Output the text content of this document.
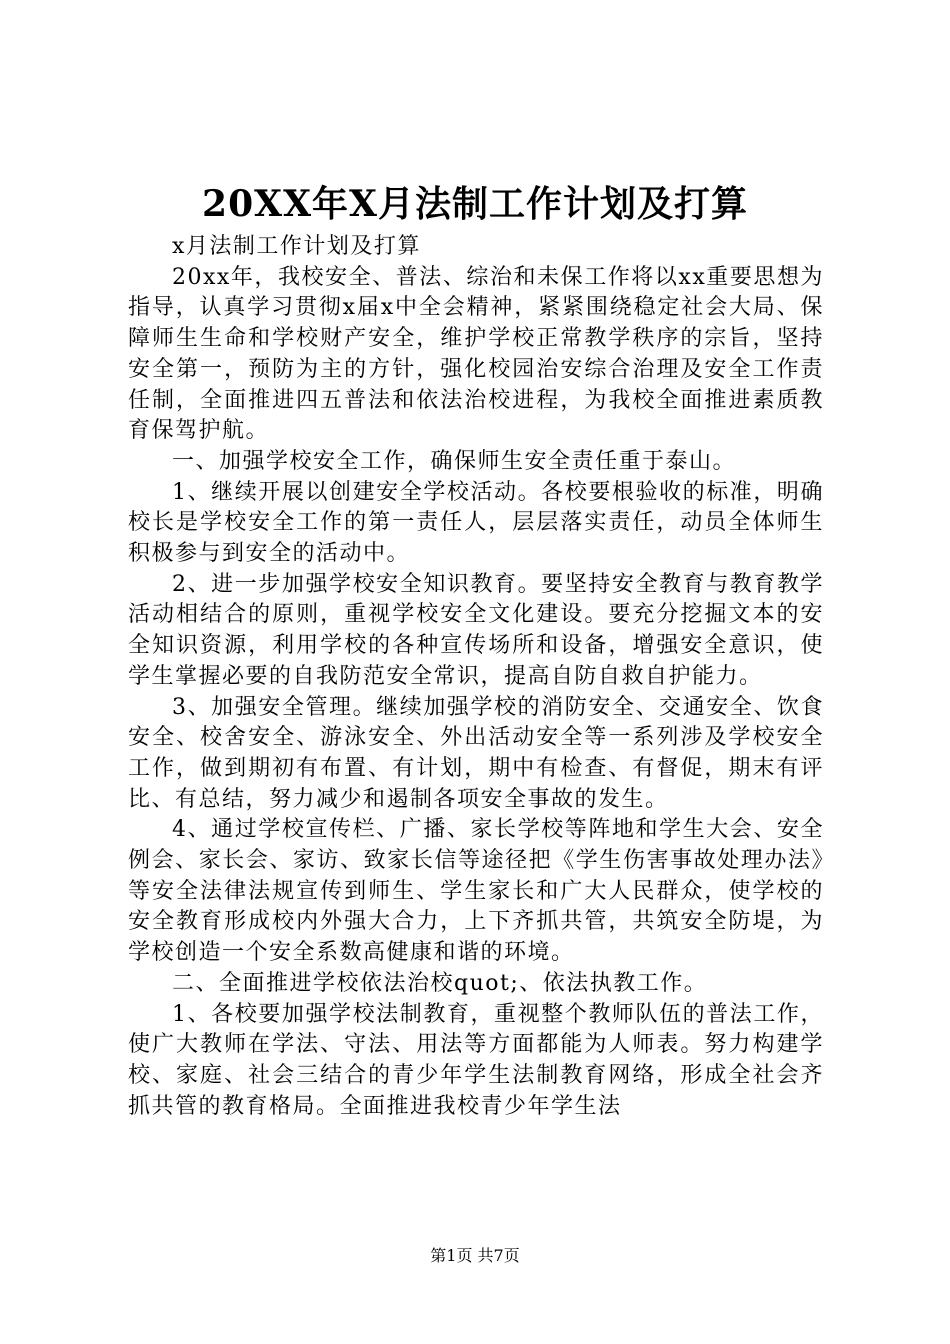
20XX年X月法制工作计划及打算

x月法制工作计划及打算

20xx年，我校安全、普法、综治和未保工作将以xx重要思想为指导，认真学习贯彻x届x中全会精神，紧紧围绕稳定社会大局、保障师生生命和学校财产安全，维护学校正常教学秩序的宗旨，坚持安全第一，预防为主的方针，强化校园治安综合治理及安全工作责任制，全面推进四五普法和依法治校进程，为我校全面推进素质教育保驾护航。

一、加强学校安全工作，确保师生安全责任重于泰山。

1、继续开展以创建安全学校活动。各校要根验收的标准，明确校长是学校安全工作的第一责任人，层层落实责任，动员全体师生积极参与到安全的活动中。

2、进一步加强学校安全知识教育。要坚持安全教育与教育教学活动相结合的原则，重视学校安全文化建设。要充分挖掘文本的安全知识资源，利用学校的各种宣传场所和设备，增强安全意识，使学生掌握必要的自我防范安全常识，提高自防自救自护能力。

3、加强安全管理。继续加强学校的消防安全、交通安全、饮食安全、校舍安全、游泳安全、外出活动安全等一系列涉及学校安全工作，做到期初有布置、有计划，期中有检查、有督促，期末有评比、有总结，努力减少和遏制各项安全事故的发生。

4、通过学校宣传栏、广播、家长学校等阵地和学生大会、安全例会、家长会、家访、致家长信等途径把《学生伤害事故处理办法》等安全法律法规宣传到师生、学生家长和广大人民群众，使学校的安全教育形成校内外强大合力，上下齐抓共管，共筑安全防堤，为学校创造一个安全系数高健康和谐的环境。

二、全面推进学校依法治校quot;、依法执教工作。

1、各校要加强学校法制教育，重视整个教师队伍的普法工作，使广大教师在学法、守法、用法等方面都能为人师表。努力构建学校、家庭、社会三结合的青少年学生法制教育网络，形成全社会齐抓共管的教育格局。全面推进我校青少年学生法

第1页 共7页
